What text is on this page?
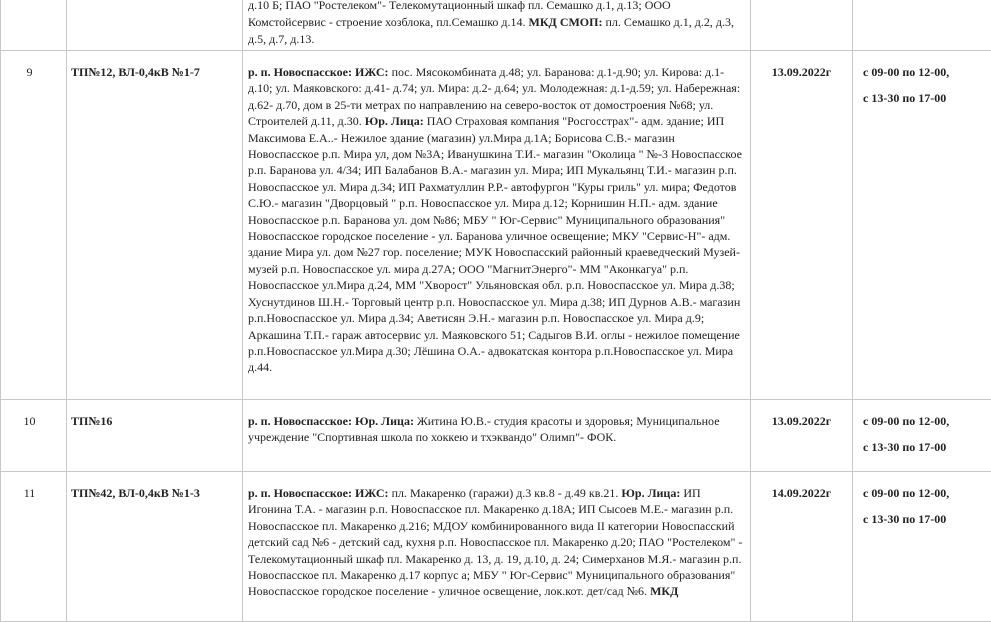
		д.10 Б; ПАО "Ростелеком"- Телекомутационный шкаф пл. Семашко д.1, д.13; ООО Комстойсервис - строение хозблока, пл.Семашко д.14. МКД СМОП: пл. Семашко д.1, д.2, д.3, д.5, д.7, д.13.		

9	ТП№12, ВЛ-0,4кВ №1-7	р. п. Новоспасское: ИЖС: пос. Мясокомбината д.48; ул. Баранова: д.1-д.90; ул. Кирова: д.1- д.10; ул. Маяковского: д.41- д.74; ул. Мира: д.2- д.64; ул. Молодежная: д.1-д.59; ул. Набережная: д.62- д.70, дом в 25-ти метрах по направлению на северо-восток от домостроения №68; ул. Строителей д.11, д.30. Юр. Лица: ПАО Страховая компания "Росгосстрах"- адм. здание; ИП Максимова Е.А..- Нежилое здание (магазин) ул.Мира д.1А; Борисова С.В.- магазин Новоспасское р.п. Мира ул, дом №3А; Иванушкина Т.И.- магазин "Околица " №-3 Новоспасское р.п. Баранова ул. 4/34; ИП Балабанов В.А.- магазин ул. Мира; ИП Мукальянц Т.И.- магазин р.п. Новоспасское ул. Мира д.34; ИП Рахматуллин Р.Р.- автофургон "Куры гриль" ул. мира; Федотов С.Ю.- магазин "Дворцовый " р.п. Новоспасское ул. Мира д.12; Корнишин Н.П.- адм. здание Новоспасское р.п. Баранова ул. дом №86; МБУ " Юг-Сервис" Муниципального образования" Новоспасское городское поселение - ул. Баранова уличное освещение; МКУ "Сервис-Н"- адм. здание Мира ул. дом №27 гор. поселение; МУК Новоспасский районный краеведческий Музей- музей р.п. Новоспасское ул. мира д.27А; ООО "МагнитЭнерго"- ММ "Аконкагуа" р.п. Новоспасское ул.Мира д.24, ММ "Хворост" Ульяновская обл. р.п. Новоспасское ул. Мира д.38; Хуснутдинов Ш.Н.- Торговый центр р.п. Новоспасское ул. Мира д.38; ИП Дурнов А.В.- магазин р.п.Новоспасское ул. Мира д.34; Аветисян Э.Н.- магазин р.п. Новоспасское ул. Мира д.9; Аркашина Т.П.- гараж автосервис ул. Маяковского 51; Садыгов В.И. оглы - нежилое помещение р.п.Новоспасское ул.Мира д.30; Лёшина О.А.- адвокатская контора р.п.Новоспасское ул. Мира д.44.	13.09.2022г	с 09-00 по 12-00,
с 13-30 по 17-00

10	ТП№16	р. п. Новоспасское: Юр. Лица: Житина Ю.В.- студия красоты и здоровья; Муниципальное учреждение "Спортивная школа по хоккею и тхэквандо" Олимп"- ФОК.	13.09.2022г	с 09-00 по 12-00,
с 13-30 по 17-00

11	ТП№42, ВЛ-0,4кВ №1-3	р. п. Новоспасское: ИЖС: пл. Макаренко (гаражи) д.3 кв.8 - д.49 кв.21. Юр. Лица: ИП Игонина Т.А. - магазин р.п. Новоспасское пл. Макаренко д.18А; ИП Сысоев М.Е.- магазин р.п. Новоспасское пл. Макаренко д.216; МДОУ комбинированного вида II категории Новоспасский детский сад №6 - детский сад, кухня р.п. Новоспасское пл. Макаренко д.20; ПАО "Ростелеком" - Телекомутационный шкаф пл. Макаренко д. 13, д. 19, д.10, д. 24; Симерханов М.Я.- магазин р.п. Новоспасское пл. Макаренко д.17 корпус а; МБУ " Юг-Сервис" Муниципального образования" Новоспасское городское поселение - уличное освещение, лок.кот. дет/сад №6. МКД	14.09.2022г	с 09-00 по 12-00,
с 13-30 по 17-00
